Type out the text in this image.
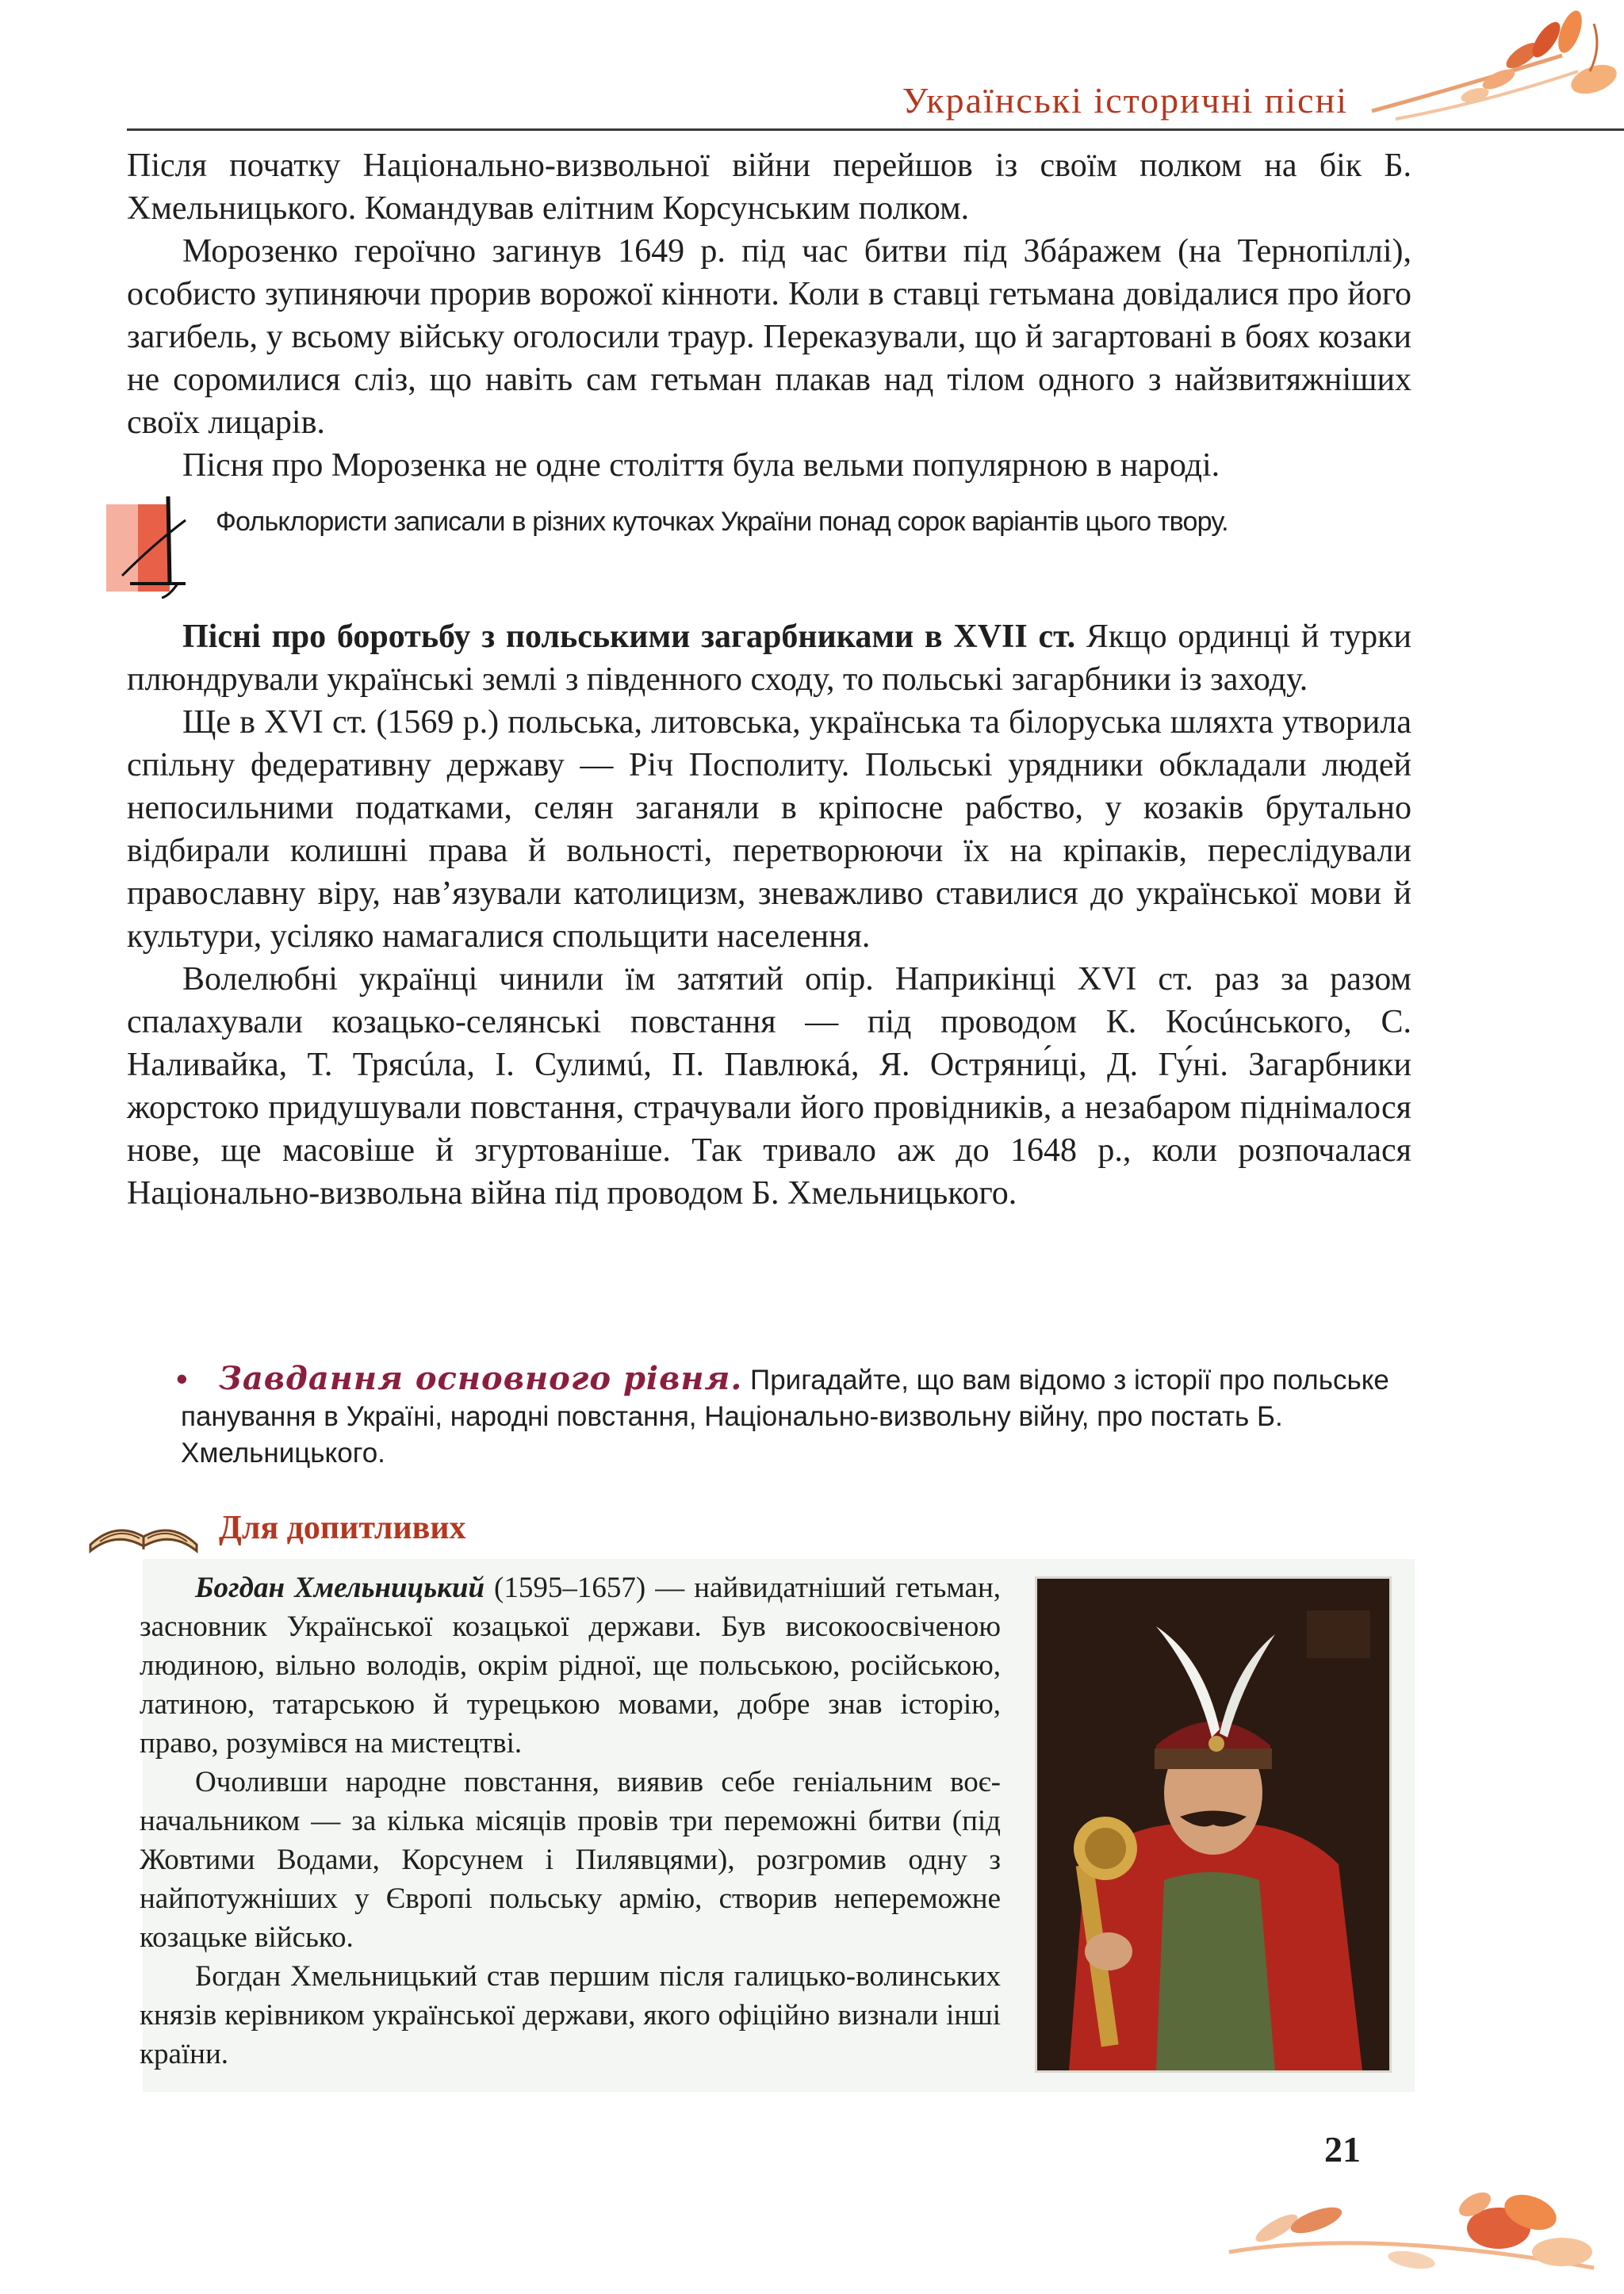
Українські історичні пісні

Після початку Національно-визвольної війни перейшов із своїм полком на бік Б. Хмельницького. Командував елітним Корсунським полком.

Морозенко героїчно загинув 1649 р. під час битви під Збáражем (на Тернопіллі), особисто зупиняючи прорив ворожої кінноти. Коли в ставці гетьмана довідалися про його загибель, у всьому війську оголосили траур. Переказували, що й загартовані в боях козаки не соромилися сліз, що навіть сам гетьман плакав над тілом одного з найзвитяжніших своїх лицарів.

Пісня про Морозенка не одне століття була вельми популярною в народі.

Фольклористи записали в різних куточках України понад сорок варіантів цього твору.

Пісні про боротьбу з польськими загарбниками в XVII ст. Якщо ординці й турки плюндрували українські землі з південного сходу, то польські загарбники із заходу.

Ще в XVI ст. (1569 р.) польська, литовська, українська та білоруська шляхта утворила спільну федеративну державу — Річ Посполиту. Польські урядники обкладали людей непосильними податками, селян заганяли в кріпосне рабство, у козаків брутально відбирали колишні права й вольності, перетворюючи їх на кріпаків, переслідували православну віру, нав’язували католицизм, зневажливо ставилися до української мови й культури, усіляко намагалися спольщити населення.

Волелюбні українці чинили їм затятий опір. Наприкінці XVI ст. раз за разом спалахували козацько-селянські повстання — під проводом К. Косúнського, С. Наливайка, Т. Трясúла, І. Сулимú, П. Павлюкá, Я. Остряни́ці, Д. Гу́ні. Загарбники жорстоко придушували повстання, страчували його провідників, а незабаром піднімалося нове, ще масовіше й згуртованіше. Так тривало аж до 1648 р., коли розпочалася Національно-визвольна війна під проводом Б. Хмельницького.

• Завдання основного рівня. Пригадайте, що вам відомо з історії про польське панування в Україні, народні повстання, Національно-визвольну війну, про постать Б. Хмельницького.
Для допитливих

Богдан Хмельницький (1595–1657) — найвидатніший гетьман, засновник Української козацької держави. Був високоосвіченою людиною, вільно володів, окрім рідної, ще польською, російською, латиною, татарською й турецькою мовами, добре знав історію, право, розумівся на мистецтві.

Очоливши народне повстання, виявив себе геніальним воє-начальником — за кілька місяців провів три переможні битви (під Жовтими Водами, Корсунем і Пилявцями), розгромив одну з найпотужніших у Європі польську армію, створив непереможне козацьке військо.

Богдан Хмельницький став першим після галицько-волинських князів керівником української держави, якого офіційно визнали інші країни.

21
